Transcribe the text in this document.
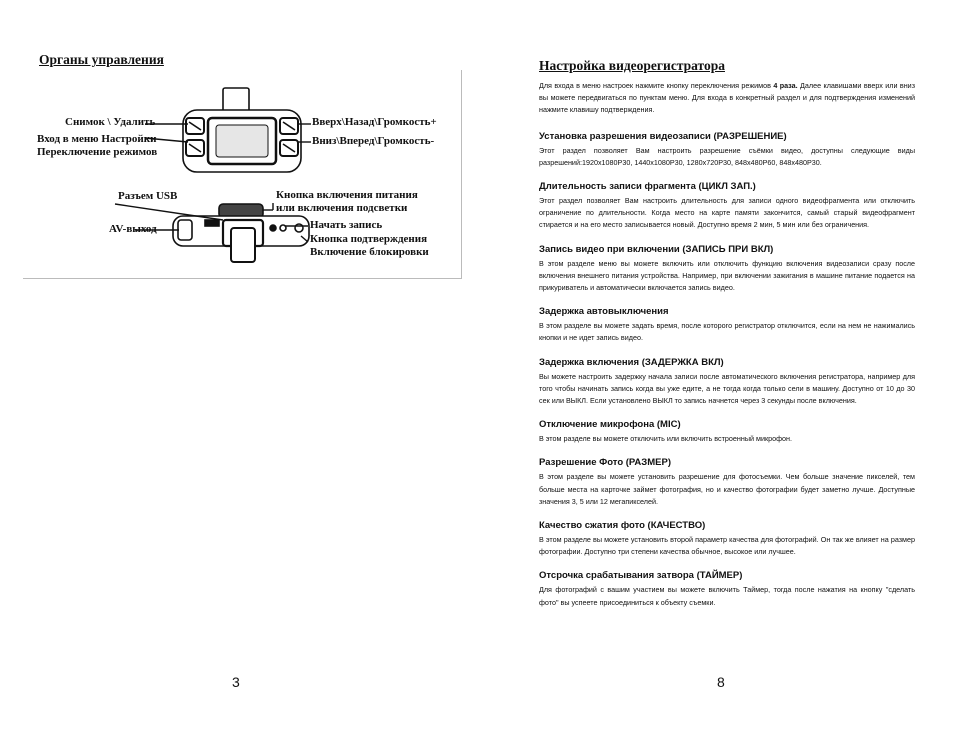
Органы управления
Снимок \ Удалить
Вход в меню Настройки
Переключение режимов
Вверх\Назад\Громкость+
Вниз\Вперед\Громкость-
Разъем USB
AV-выход
Кнопка включения питания
или включения подсветки
Начать запись
Кнопка подтверждения
Включение блокировки
3
Настройка видеорегистратора

Для входа в меню настроек нажмите кнопку переключения режимов 4 раза. Далее клавишами вверх или вниз вы можете передвигаться по пунктам меню. Для входа в конкретный раздел и для подтверждения изменений нажмите клавишу подтверждения.

Установка разрешения видеозаписи (РАЗРЕШЕНИЕ)

Этот раздел позволяет Вам настроить разрешение съёмки видео, доступны следующие виды разрешений:1920x1080P30, 1440x1080P30, 1280x720P30, 848x480P60, 848x480P30.

Длительность записи фрагмента (ЦИКЛ ЗАП.)

Этот раздел позволяет Вам настроить длительность для записи одного видеофрагмента или отключить ограничение по длительности. Когда место на карте памяти закончится, самый старый видеофрагмент стирается и на его место записывается новый. Доступно время 2 мин, 5 мин или без ограничения.

Запись видео при включении (ЗАПИСЬ ПРИ ВКЛ)

В этом разделе меню вы можете включить или отключить функцию включения видеозаписи сразу после включения внешнего питания устройства. Например, при включении зажигания в машине питание подается на прикуриватель и автоматически включается запись видео.

Задержка автовыключения

В этом разделе вы можете задать время, после которого регистратор отключится, если на нем не нажимались кнопки и не идет запись видео.

Задержка включения (ЗАДЕРЖКА ВКЛ)

Вы можете настроить задержку начала записи после автоматического включения регистратора, например для того чтобы начинать запись когда вы уже едите, а не тогда когда только сели в машину. Доступно от 10 до 30 сек или ВЫКЛ. Если установлено ВЫКЛ то запись начнется через 3 секунды после включения.

Отключение микрофона (MIC)

В этом разделе вы можете отключить или включить встроенный микрофон.

Разрешение Фото (РАЗМЕР)

В этом разделе вы можете установить разрешение для фотосъемки. Чем больше значение пикселей, тем больше места на карточке займет фотография, но и качество фотографии будет заметно лучше. Доступные значения 3, 5 или 12 мегапикселей.

Качество сжатия фото (КАЧЕСТВО)

В этом разделе вы можете установить второй параметр качества для фотографий. Он так же влияет на размер фотографии. Доступно три степени качества обычное, высокое или лучшее.

Отсрочка срабатывания затвора (ТАЙМЕР)

Для фотографий с вашим участием вы можете включить Таймер, тогда после нажатия на кнопку "сделать фото" вы успеете присоединиться к объекту съемки.

8
